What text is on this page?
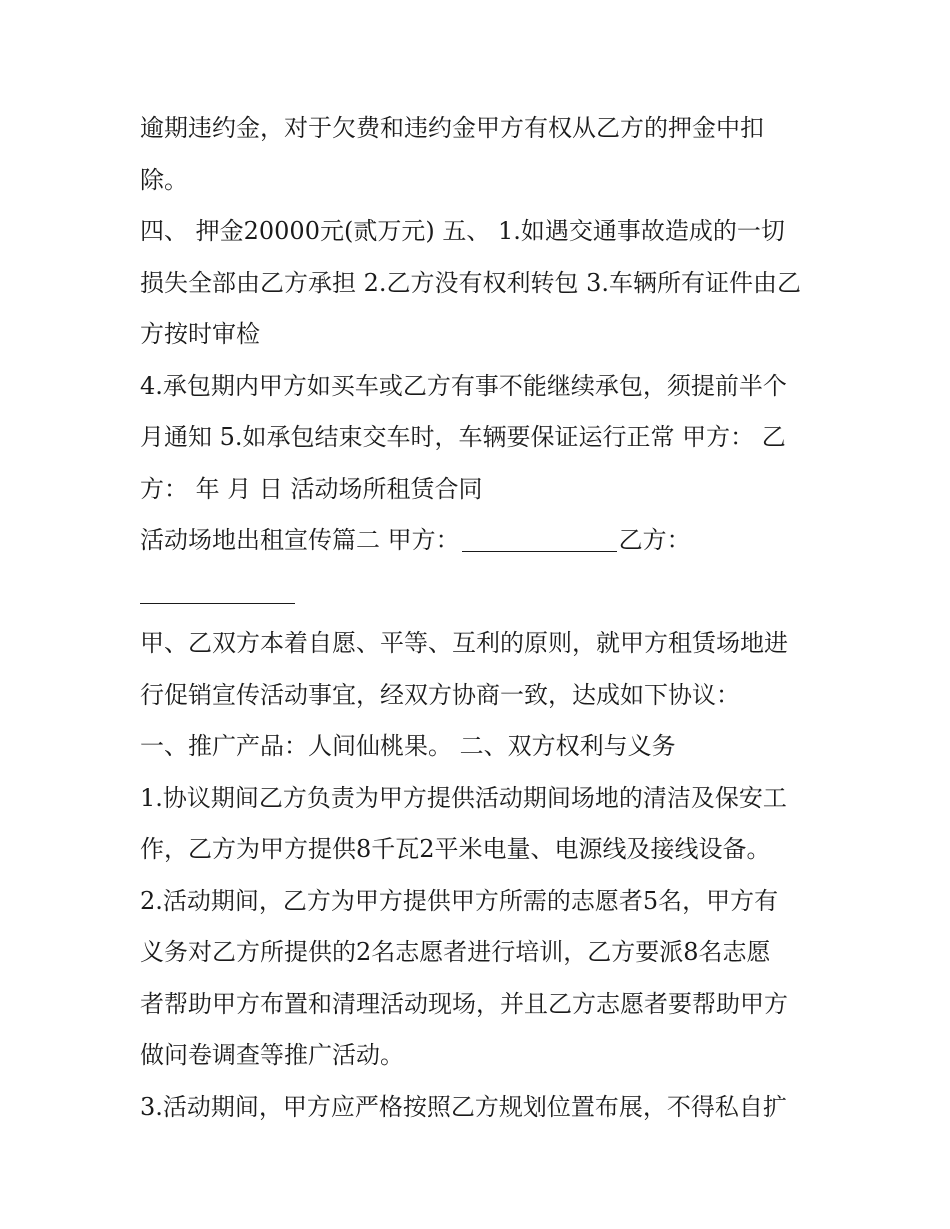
逾期违约金，对于欠费和违约金甲方有权从乙方的押金中扣
除。
四、 押金20000元(贰万元) 五、 1.如遇交通事故造成的一切
损失全部由乙方承担 2.乙方没有权利转包 3.车辆所有证件由乙
方按时审检
4.承包期内甲方如买车或乙方有事不能继续承包，须提前半个
月通知 5.如承包结束交车时，车辆要保证运行正常 甲方： 乙
方： 年 月 日 活动场所租赁合同
活动场地出租宣传篇二 甲方：	乙方：
甲、乙双方本着自愿、平等、互利的原则，就甲方租赁场地进
行促销宣传活动事宜，经双方协商一致，达成如下协议：
一、推广产品：人间仙桃果。 二、双方权利与义务
1.协议期间乙方负责为甲方提供活动期间场地的清洁及保安工
作，乙方为甲方提供8千瓦2平米电量、电源线及接线设备。
2.活动期间，乙方为甲方提供甲方所需的志愿者5名，甲方有
义务对乙方所提供的2名志愿者进行培训，乙方要派8名志愿
者帮助甲方布置和清理活动现场，并且乙方志愿者要帮助甲方
做问卷调查等推广活动。
3.活动期间，甲方应严格按照乙方规划位置布展，不得私自扩
